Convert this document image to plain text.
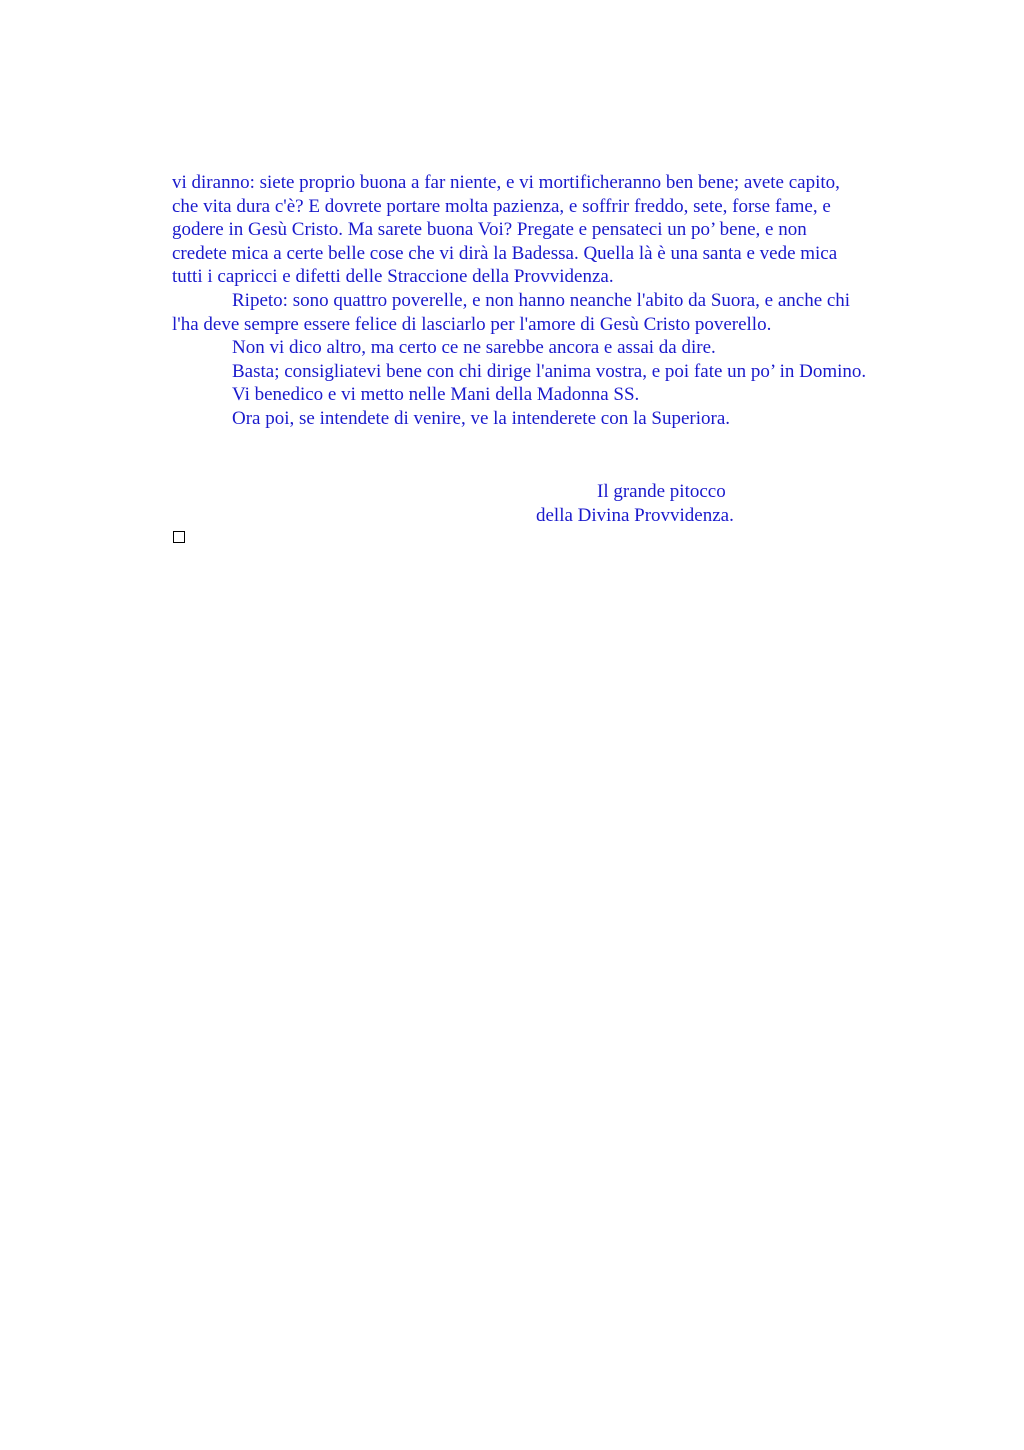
vi diranno: siete proprio buona a far niente, e vi mortificheranno ben bene; avete capito,
che vita dura c'è? E dovrete portare molta pazienza, e soffrir freddo, sete, forse fame, e
godere in Gesù Cristo. Ma sarete buona Voi? Pregate e pensateci un po’ bene, e non
credete mica a certe belle cose che vi dirà la Badessa. Quella là è una santa e vede mica
tutti i capricci e difetti delle Straccione della Provvidenza.

Ripeto: sono quattro poverelle, e non hanno neanche l'abito da Suora, e anche chi
l'ha deve sempre essere felice di lasciarlo per l'amore di Gesù Cristo poverello.

Non vi dico altro, ma certo ce ne sarebbe ancora e assai da dire.

Basta; consigliatevi bene con chi dirige l'anima vostra, e poi fate un po’ in Domino.

Vi benedico e vi metto nelle Mani della Madonna SS.

Ora poi, se intendete di venire, ve la intenderete con la Superiora.

Il grande pitocco
della Divina Provvidenza.
